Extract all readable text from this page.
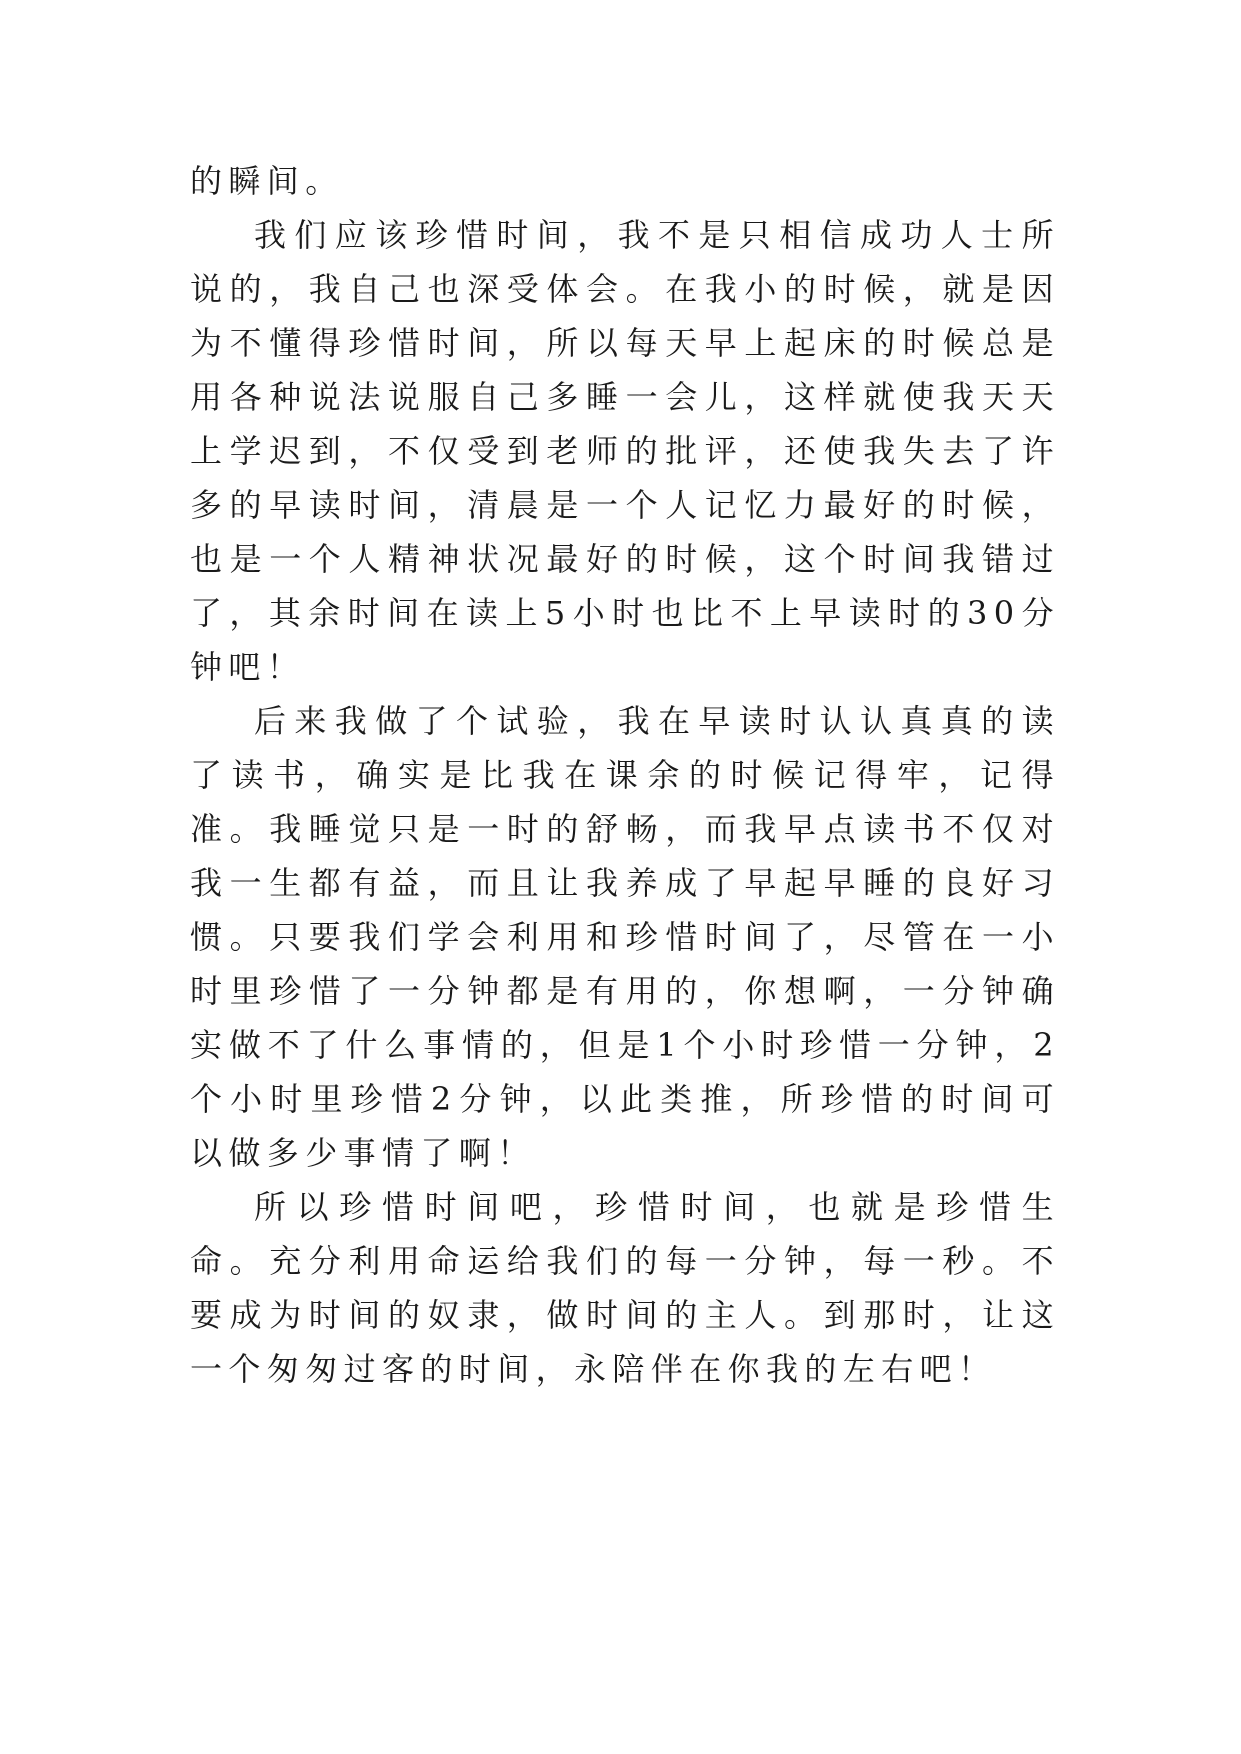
的瞬间。

我们应该珍惜时间，我不是只相信成功人士所说的，我自己也深受体会。在我小的时候，就是因为不懂得珍惜时间，所以每天早上起床的时候总是用各种说法说服自己多睡一会儿，这样就使我天天上学迟到，不仅受到老师的批评，还使我失去了许多的早读时间，清晨是一个人记忆力最好的时候，也是一个人精神状况最好的时候，这个时间我错过了，其余时间在读上5小时也比不上早读时的30分钟吧！

后来我做了个试验，我在早读时认认真真的读了读书，确实是比我在课余的时候记得牢，记得准。我睡觉只是一时的舒畅，而我早点读书不仅对我一生都有益，而且让我养成了早起早睡的良好习惯。只要我们学会利用和珍惜时间了，尽管在一小时里珍惜了一分钟都是有用的，你想啊，一分钟确实做不了什么事情的，但是1个小时珍惜一分钟，2个小时里珍惜2分钟，以此类推，所珍惜的时间可以做多少事情了啊！

所以珍惜时间吧，珍惜时间，也就是珍惜生命。充分利用命运给我们的每一分钟，每一秒。不要成为时间的奴隶，做时间的主人。到那时，让这一个匆匆过客的时间，永陪伴在你我的左右吧！
